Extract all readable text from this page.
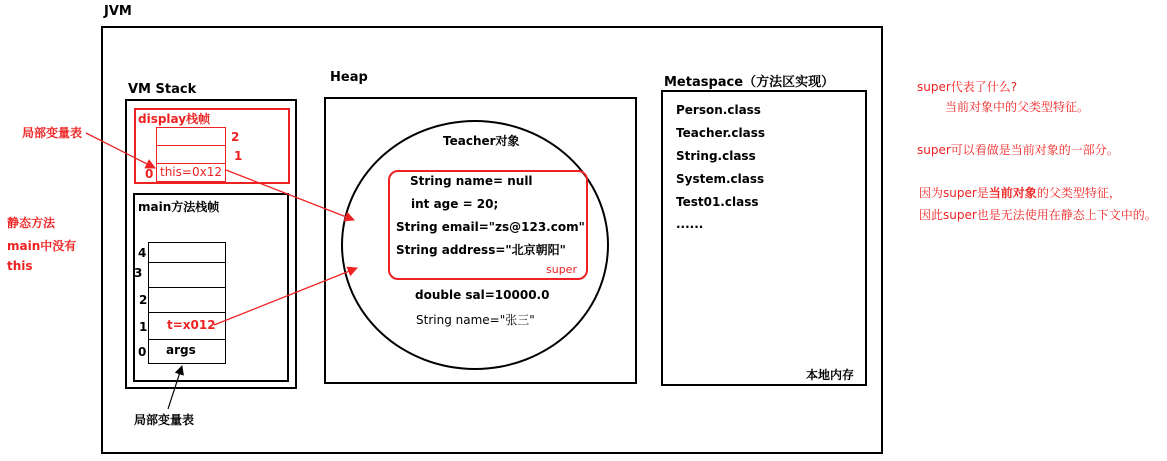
JVM
VM Stack
display栈帧
2
1
0 this=0x12
main方法栈帧
4
3
2
1
0
t=x012
args
局部变量表
Heap
Teacher对象
String name= null
int age = 20;
String email="zs@123.com"
String address="北京朝阳"
super
double sal=10000.0
String name="张三"
Metaspace（方法区实现）
Person.class
Teacher.class
String.class
System.class
Test01.class
......
本地内存
局部变量表
静态方法
main中没有
this
super代表了什么?
当前对象中的父类型特征。
super可以看做是当前对象的一部分。
因为super是当前对象的父类型特征，
因此super也是无法使用在静态上下文中的。
